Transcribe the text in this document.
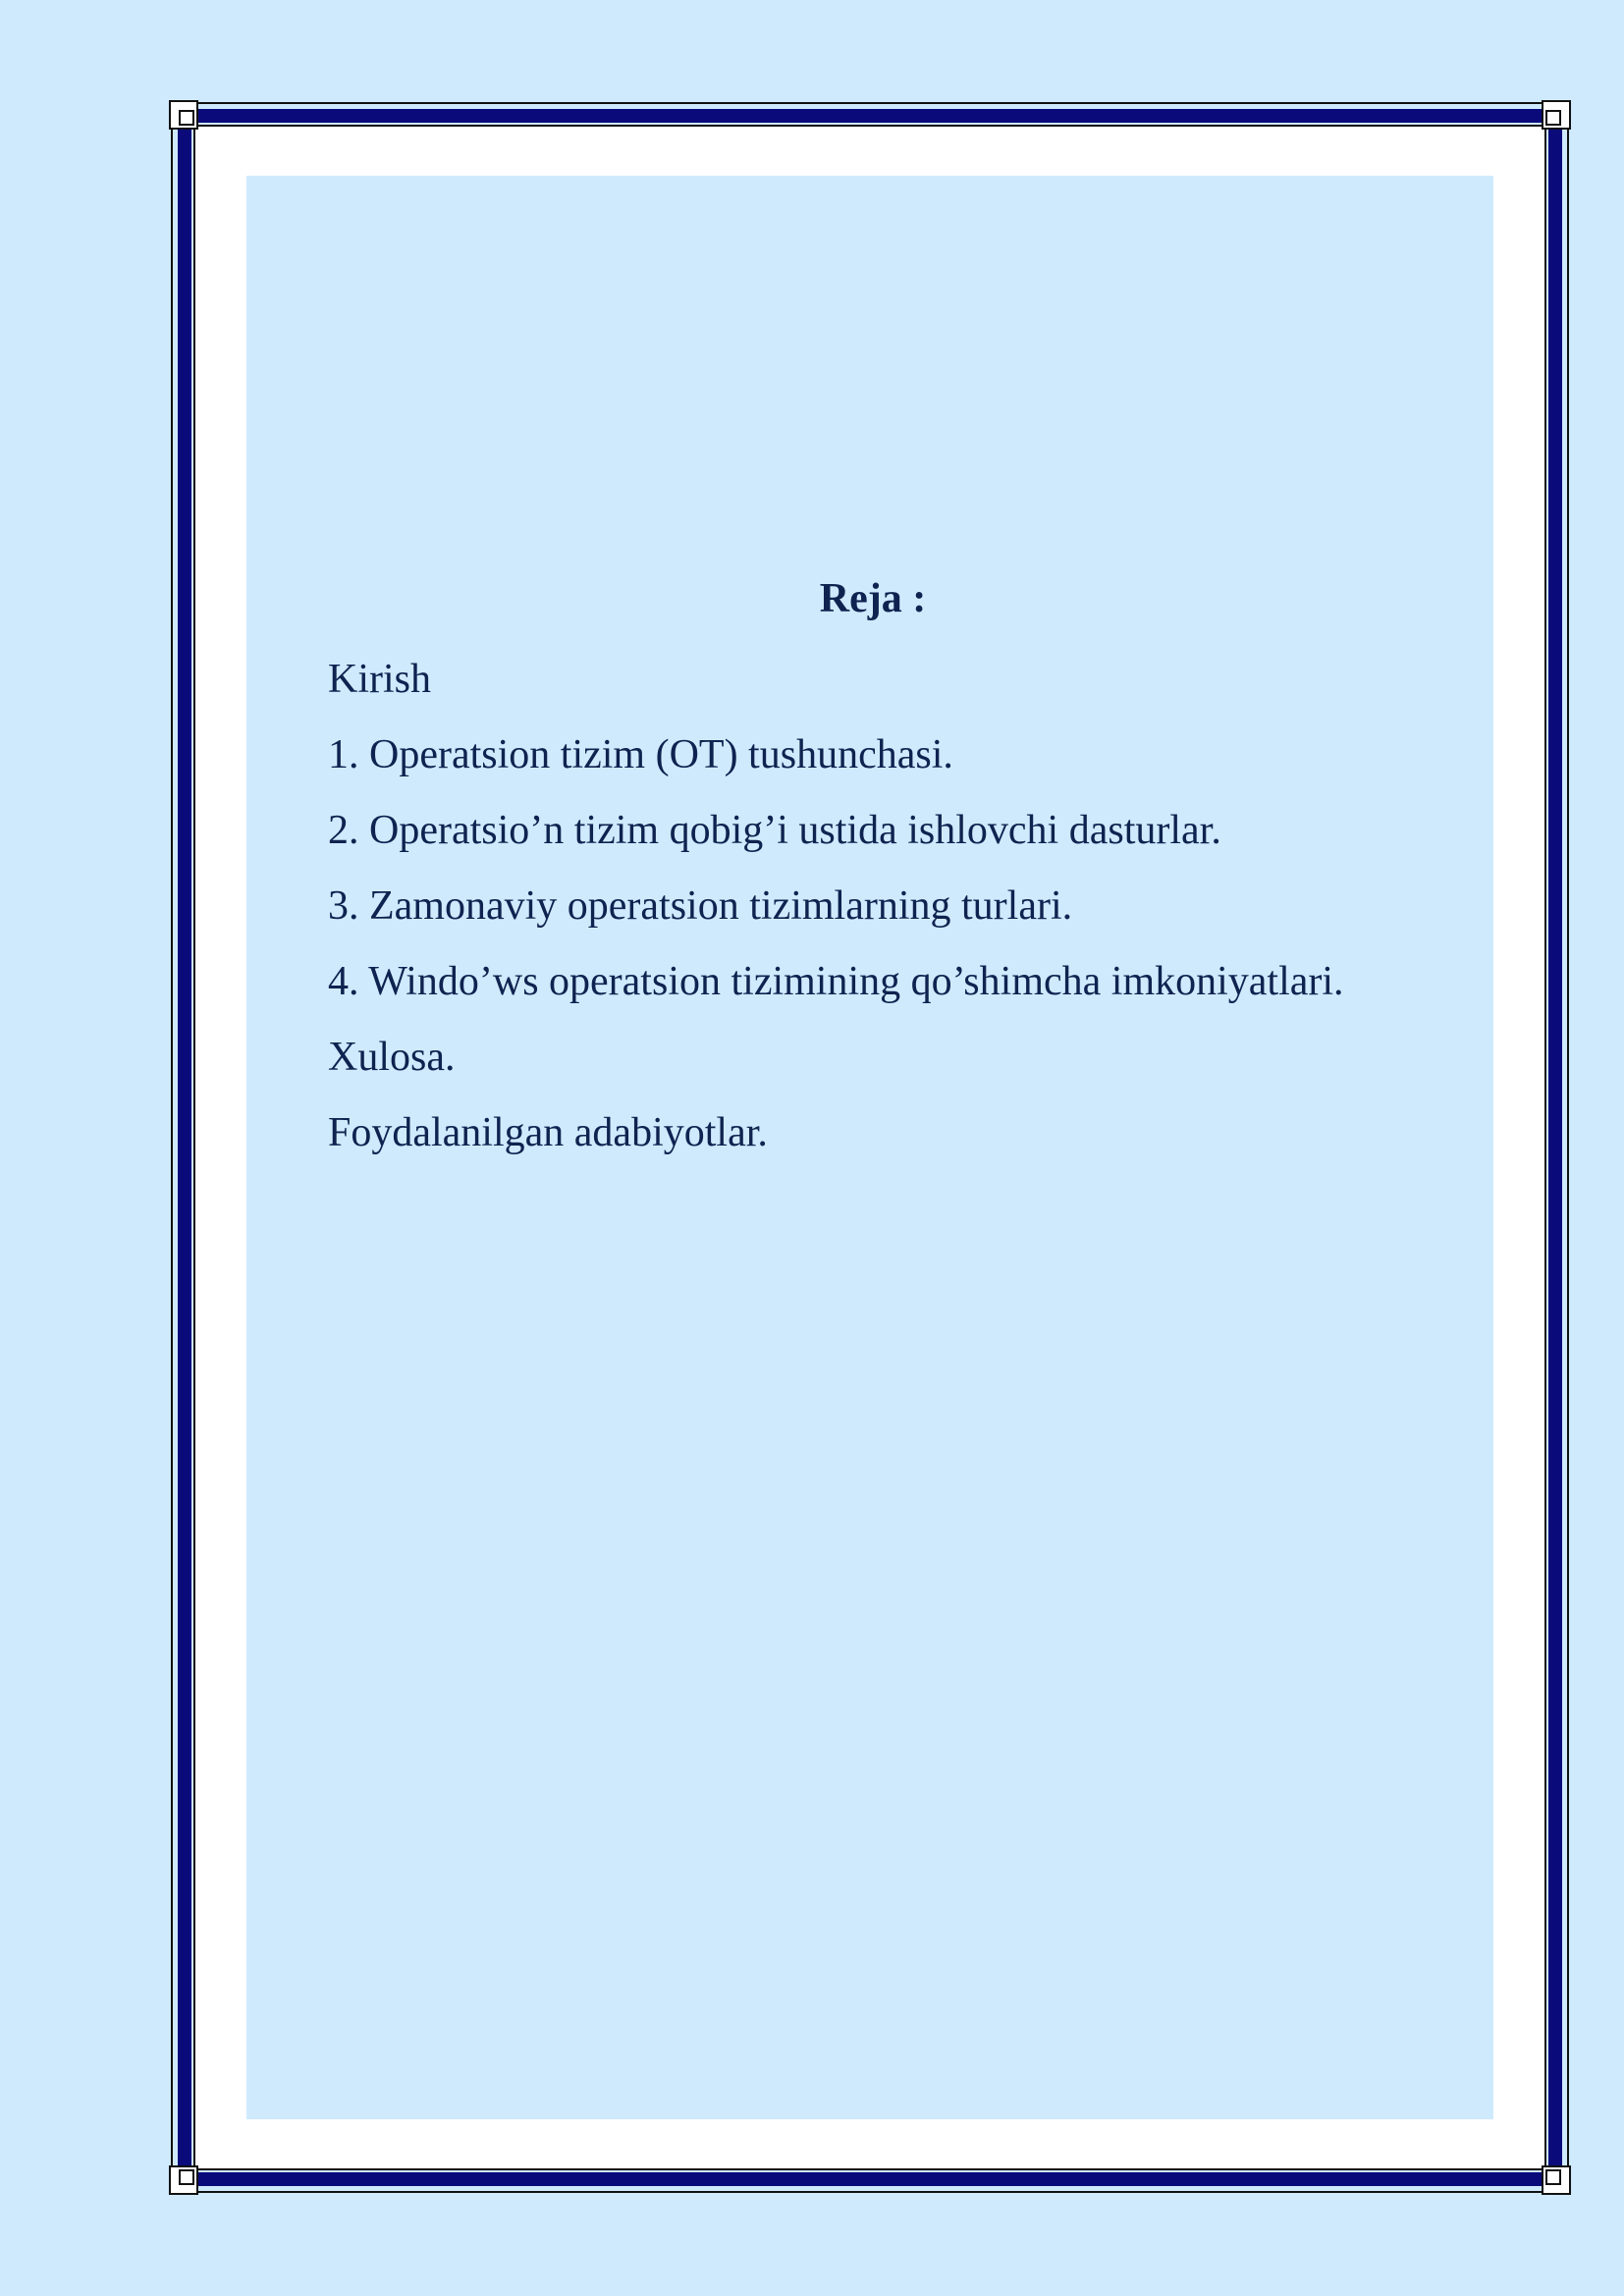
Reja :
Kirish
1. Operatsion tizim (OT) tushunchasi.
2. Operatsio’n tizim qobig’i ustida ishlovchi dasturlar.
3. Zamonaviy operatsion tizimlarning turlari.
4. Windo’ws operatsion tizimining qo’shimcha imkoniyatlari.
Xulosa.
Foydalanilgan adabiyotlar.
